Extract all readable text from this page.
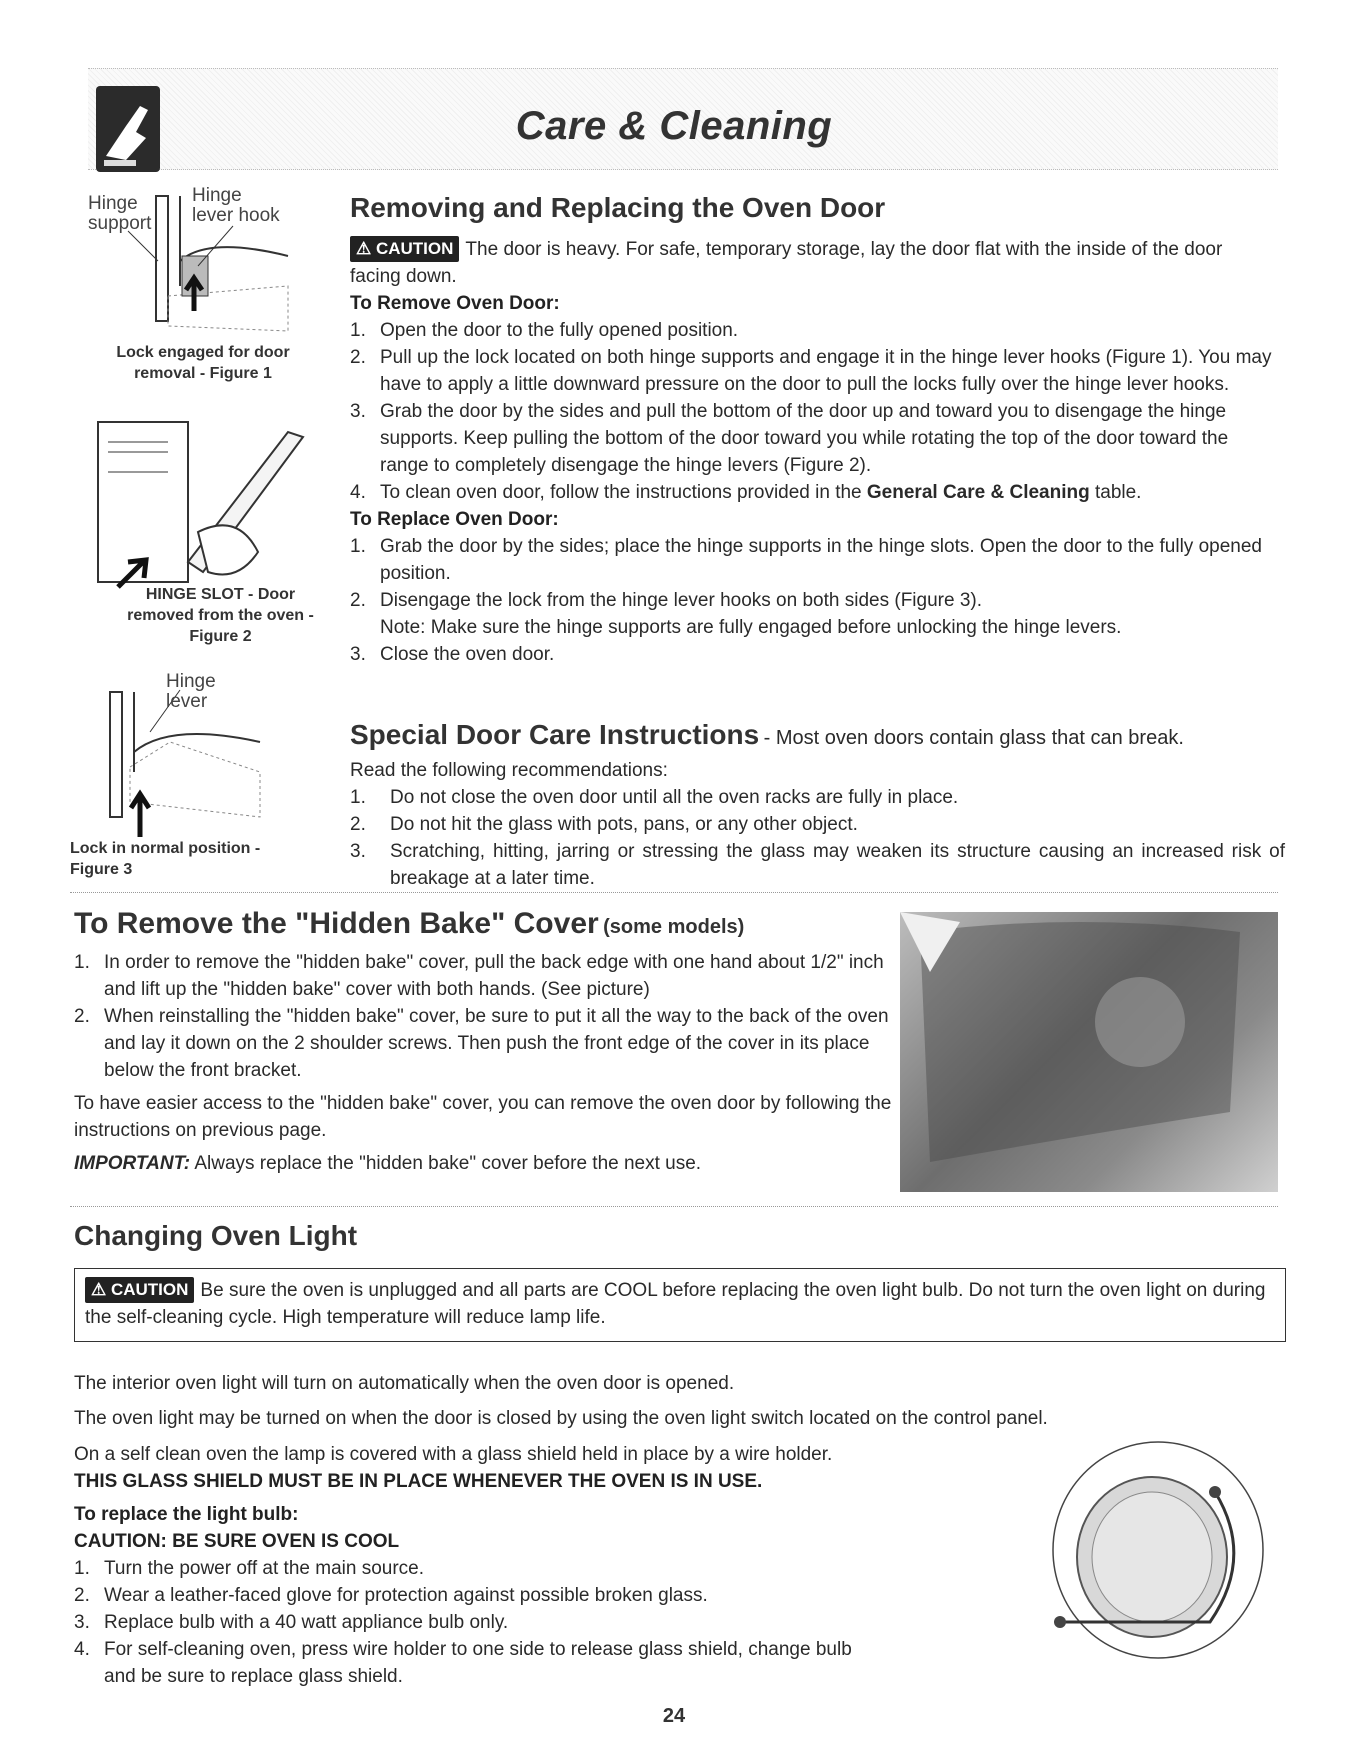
Care & Cleaning
Hinge support
Hinge lever hook
Lock engaged for door removal - Figure 1
HINGE SLOT - Door removed from the oven - Figure 2
Hinge lever
Lock in normal position - Figure 3
Removing and Replacing the Oven Door

⚠ CAUTION The door is heavy. For safe, temporary storage, lay the door flat with the inside of the door facing down.

To Remove Oven Door:

1. Open the door to the fully opened position.
2. Pull up the lock located on both hinge supports and engage it in the hinge lever hooks (Figure 1). You may have to apply a little downward pressure on the door to pull the locks fully over the hinge lever hooks.
3. Grab the door by the sides and pull the bottom of the door up and toward you to disengage the hinge supports. Keep pulling the bottom of the door toward you while rotating the top of the door toward the range to completely disengage the hinge levers (Figure 2).
4. To clean oven door, follow the instructions provided in the General Care & Cleaning table.

To Replace Oven Door:

1. Grab the door by the sides; place the hinge supports in the hinge slots. Open the door to the fully opened position.
2. Disengage the lock from the hinge lever hooks on both sides (Figure 3).
Note: Make sure the hinge supports are fully engaged before unlocking the hinge levers.
3. Close the oven door.
Special Door Care Instructions - Most oven doors contain glass that can break.

Read the following recommendations:

1. Do not close the oven door until all the oven racks are fully in place.
2. Do not hit the glass with pots, pans, or any other object.
3. Scratching, hitting, jarring or stressing the glass may weaken its structure causing an increased risk of breakage at a later time.
To Remove the "Hidden Bake" Cover (some models)
1. In order to remove the "hidden bake" cover, pull the back edge with one hand about 1/2" inch and lift up the "hidden bake" cover with both hands. (See picture)
2. When reinstalling the "hidden bake" cover, be sure to put it all the way to the back of the oven and lay it down on the 2 shoulder screws. Then push the front edge of the cover in its place below the front bracket.

To have easier access to the "hidden bake" cover, you can remove the oven door by following the instructions on previous page.

IMPORTANT: Always replace the "hidden bake" cover before the next use.

Changing Oven Light
⚠ CAUTION Be sure the oven is unplugged and all parts are COOL before replacing the oven light bulb. Do not turn the oven light on during the self-cleaning cycle. High temperature will reduce lamp life.

The interior oven light will turn on automatically when the oven door is opened.

The oven light may be turned on when the door is closed by using the oven light switch located on the control panel.

On a self clean oven the lamp is covered with a glass shield held in place by a wire holder.

THIS GLASS SHIELD MUST BE IN PLACE WHENEVER THE OVEN IS IN USE.

To replace the light bulb:

CAUTION: BE SURE OVEN IS COOL

1. Turn the power off at the main source.
2. Wear a leather-faced glove for protection against possible broken glass.
3. Replace bulb with a 40 watt appliance bulb only.
4. For self-cleaning oven, press wire holder to one side to release glass shield, change bulb and be sure to replace glass shield.
24
